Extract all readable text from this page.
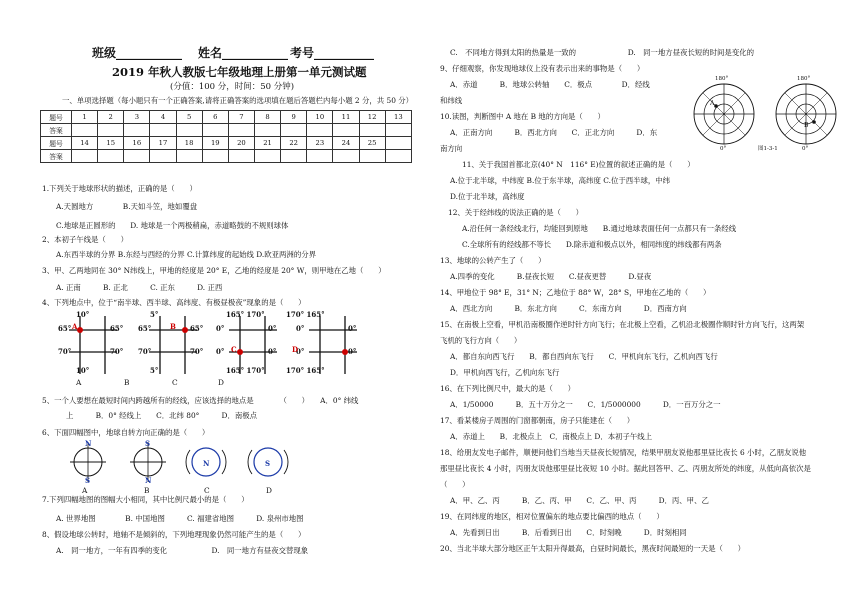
班级___________ 姓名___________ 考号__________
2019 年秋人教版七年级地理上册第一单元测试题
(分值：100 分，时间：50 分钟)
一、单项选择题（每小题只有一个正确答案,请将正确答案的选项填在题后答题栏内每小题 2 分，共 50 分）
题号	1	2	3	4	5	6	7	8	9	10	11	12	13
答案													
题号	14	15	16	17	18	19	20	21	22	23	24	25	
答案													
1.下列关于地球形状的描述，正确的是（　　）
A.天圆地方　　　　B.天如斗笠，地如覆盘
C.地球是正圆形的　　D. 地球是一个两极稍扁，赤道略鼓的不规则球体
2、本初子午线是（　　）
A.东西半球的分界 B.东经与西经的分界 C.计算纬度的起始线 D.欧亚两洲的分界
3、甲、乙两地同在 30° N纬线上，甲地的经度是 20° E，乙地的经度是 20° W，则甲地在乙地（　　）
A. 正南　　　B. 正北　　　C. 正东　　　D. 正西
4、下列地点中，位于“南半球、西半球、高纬度、有极昼极夜”现象的是（　　）
10°
65°	65°
70°	70°
10°
A
5°
65°	65°
70°	70°
5°
B
165° 170°
0°	0°
0°	0°
165° 170°
C
170° 165°
0°	0°
0°	0°
170° 165°
D
A	B	C	D
5、一个人要想在最短时间内跨越所有的经线，应该选择的地点是　　　　（　　）　　A．0° 纬线
上　　　B．0° 经线上　　C．北纬 80°　　　D．南极点
6、下面四幅图中，地球自转方向正确的是（　　）
N	S
N	S
S	N
A	B	C	D
7.下列四幅地图的图幅大小相同，其中比例尺最小的是（　　）
A. 世界地图　　　　B. 中国地图　　　C. 福建省地图　　　D. 泉州市地图
8、假设地球公转时，地轴不是倾斜的，下列地理现象仍然可能产生的是（　　）
A.　同一地方，一年有四季的变化　　　　　　D.　同一地方有昼夜交替现象
C.　不同地方得到太阳的热量是一致的　　　　　　　D.　同一地方昼夜长短的时间是变化的
9、仔细观察，你发现地球仪上没有表示出来的事物是（　　）
A．赤道　　　B．地球公转轴　　C．极点　　　　D．经线
和纬线
10.读图，判断图中 A 地在 B 地的方向是（　　）
A．正南方向　　　B．西北方向　　C．正北方向　　　D．东
南方向
180°	180°
0°	0°
A
B
图1-3-1
11、关于我国首都北京(40° N　116° E)位置的叙述正确的是（　　）
A.位于北半球，中纬度 B.位于东半球，高纬度 C.位于西半球，中纬
D.位于北半球，高纬度
12、关于经纬线的说法正确的是（　　）
A.沿任何一条经线北行，均能回到原地　　B.通过地球表面任何一点都只有一条经线
C.全球所有的经线都不等长　　D.除赤道和极点以外，相同纬度的纬线都有两条
13、地球的公转产生了（　　）
A.四季的变化　　　B.昼夜长短　　C.昼夜更替　　　D.昼夜
14、甲地位于 98° E，31° N；乙地位于 88° W，28° S，甲地在乙地的（　　）
A．西北方向　　　B．东北方向　　　C．东南方向　　　D．西南方向
15、在南极上空看，甲机沿南极圈作逆时针方向飞行；在北极上空看，乙机沿北极圈作顺时针方向飞行，这两架
飞机的飞行方向（　　）
A．都自东向西飞行　　B．都自西向东飞行　　C．甲机向东飞行，乙机向西飞行
D．甲机向西飞行，乙机向东飞行
16、在下列比例尺中，最大的是（　　）
A．1/50000　　　B．五十万分之一　　C．1/5000000　　　D．一百万分之一
17、看某楼房子周围的门窗都朝南，房子只能建在（　　）
A．赤道上　　B．北极点上　C．南极点上 D．本初子午线上
18、给朋友发电子邮件，顺便问他们当地当天昼夜长短情况，结果甲朋友说他那里昼比夜长 6 小时，乙朋友说他
那里昼比夜长 4 小时，丙朋友说他那里昼比夜短 10 小时。据此回答甲、乙、丙朋友所处的纬度，从低向高依次是
（　　）
A．甲、乙、丙　　　B．乙、丙、甲　　C．乙、甲、丙　　　D．丙、甲、乙
19、在同纬度的地区，相对位置偏东的地点要比偏西的地点（　　）
A．先看到日出　　　B．后看到日出　　C．时刻晚　　　D．时刻相同
20、当北半球大部分地区正午太阳升得最高，白昼时间最长，黑夜时间最短的一天是（　　）
